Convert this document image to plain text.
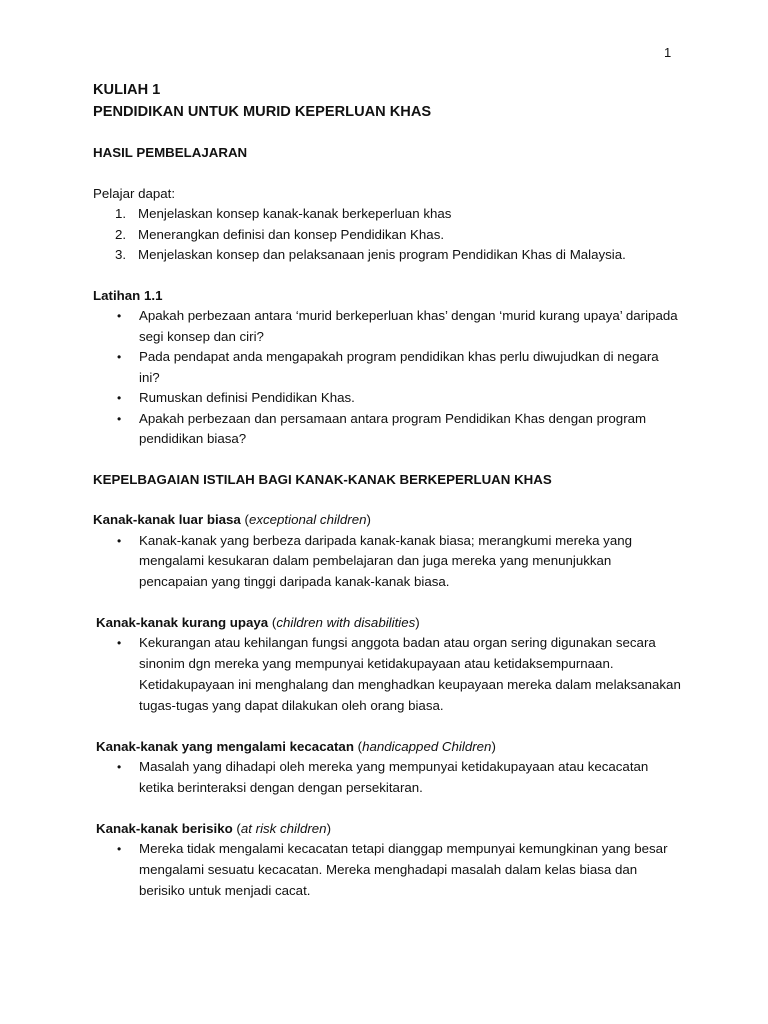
1

KULIAH 1

PENDIDIKAN UNTUK MURID KEPERLUAN KHAS

HASIL PEMBELAJARAN

Pelajar dapat:

1. Menjelaskan konsep kanak-kanak berkeperluan khas
2. Menerangkan definisi dan konsep Pendidikan Khas.
3. Menjelaskan konsep dan pelaksanaan jenis program Pendidikan Khas di Malaysia.

Latihan 1.1

• Apakah perbezaan antara ‘murid berkeperluan khas’ dengan ‘murid kurang upaya’ daripada segi konsep dan ciri?
• Pada pendapat anda mengapakah program pendidikan khas perlu diwujudkan di negara ini?
• Rumuskan definisi Pendidikan Khas.
• Apakah perbezaan dan persamaan antara program Pendidikan Khas dengan program pendidikan biasa?

KEPELBAGAIAN ISTILAH BAGI KANAK-KANAK BERKEPERLUAN KHAS

Kanak-kanak luar biasa (exceptional children)

• Kanak-kanak yang berbeza daripada kanak-kanak biasa; merangkumi mereka yang mengalami kesukaran dalam pembelajaran dan juga mereka yang menunjukkan pencapaian yang tinggi daripada kanak-kanak biasa.

Kanak-kanak kurang upaya (children with disabilities)

• Kekurangan atau kehilangan fungsi anggota badan atau organ sering digunakan secara sinonim dgn mereka yang mempunyai ketidakupayaan atau ketidaksempurnaan. Ketidakupayaan ini menghalang dan menghadkan keupayaan mereka dalam melaksanakan tugas-tugas yang dapat dilakukan oleh orang biasa.

Kanak-kanak yang mengalami kecacatan (handicapped Children)

• Masalah yang dihadapi oleh mereka yang mempunyai ketidakupayaan atau kecacatan ketika berinteraksi dengan dengan persekitaran.

Kanak-kanak berisiko (at risk children)

• Mereka tidak mengalami kecacatan tetapi dianggap mempunyai kemungkinan yang besar mengalami sesuatu kecacatan. Mereka menghadapi masalah dalam kelas biasa dan berisiko untuk menjadi cacat.
